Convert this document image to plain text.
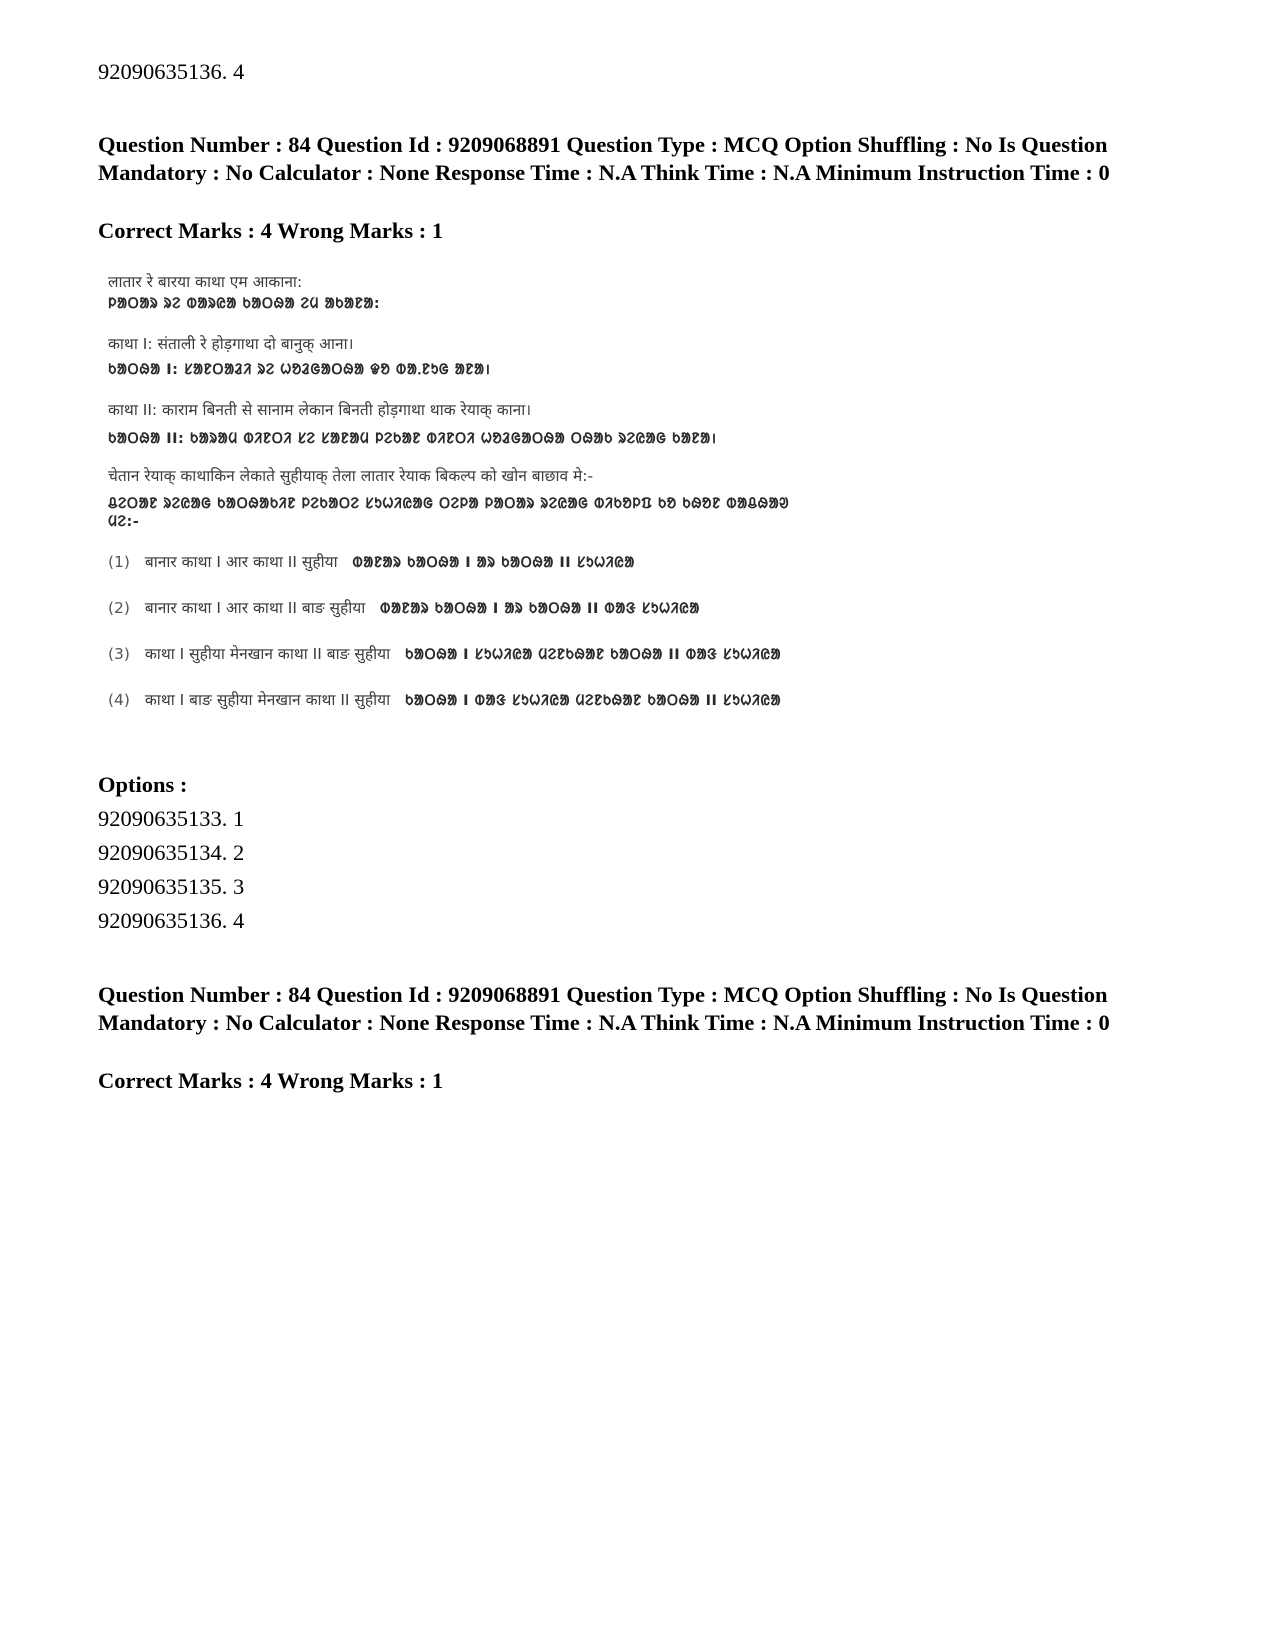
92090635136. 4
Question Number : 84 Question Id : 9209068891 Question Type : MCQ Option Shuffling : No Is Question Mandatory : No Calculator : None Response Time : N.A Think Time : N.A Minimum Instruction Time : 0
Correct Marks : 4 Wrong Marks : 1
लातार रे बारया काथा एम आकाना:
ᱞᱟᱛᱟᱨ ᱨᱮ ᱵᱟᱨᱭᱟ ᱠᱟᱛᱷᱟ ᱮᱢ ᱟᱠᱟᱱᱟ:
काथा I: संताली रे होड़गाथा दो बानुक् आना।
ᱠᱟᱛᱷᱟ I: ᱥᱟᱱᱛᱟᱲᱤ ᱨᱮ ᱦᱚᱲᱜᱟᱛᱷᱟ ᱫᱚ ᱵᱟᱹᱱᱩᱜ ᱟᱱᱟ।
काथा II: काराम बिनती से सानाम लेकान बिनती होड़गाथा थाक रेयाक् काना।
ᱠᱟᱛᱷᱟ II: ᱠᱟᱨᱟᱢ ᱵᱤᱱᱛᱤ ᱥᱮ ᱥᱟᱱᱟᱢ ᱞᱮᱠᱟᱱ ᱵᱤᱱᱛᱤ ᱦᱚᱲᱜᱟᱛᱷᱟ ᱛᱷᱟᱠ ᱨᱮᱭᱟᱜ ᱠᱟᱱᱟ।
चेतान रेयाक् काथाकिन लेकाते सुहीयाक् तेला लातार रेयाक बिकल्प को खोन बाछाव मे:-
ᱪᱮᱛᱟᱱ ᱨᱮᱭᱟᱜ ᱠᱟᱛᱷᱟᱠᱤᱱ ᱞᱮᱠᱟᱛᱮ ᱥᱩᱦᱤᱭᱟᱜ ᱛᱮᱞᱟ ᱞᱟᱛᱟᱨ ᱨᱮᱭᱟᱜ ᱵᱤᱠᱚᱞᱯ ᱠᱚ ᱠᱷᱚᱱ ᱵᱟᱪᱷᱟᱣ
ᱢᱮ:-
(1) बानार काथा I आर काथा II सुहीया ᱵᱟᱱᱟᱨ ᱠᱟᱛᱷᱟ I ᱟᱨ ᱠᱟᱛᱷᱟ II ᱥᱩᱦᱤᱭᱟ
(2) बानार काथा I आर काथा II बाङ सुहीया ᱵᱟᱱᱟᱨ ᱠᱟᱛᱷᱟ I ᱟᱨ ᱠᱟᱛᱷᱟ II ᱵᱟᱝ ᱥᱩᱦᱤᱭᱟ
(3) काथा I सुहीया मेनखान काथा II बाङ सुहीया ᱠᱟᱛᱷᱟ I ᱥᱩᱦᱤᱭᱟ ᱢᱮᱱᱠᱷᱟᱱ ᱠᱟᱛᱷᱟ II ᱵᱟᱝ ᱥᱩᱦᱤᱭᱟ
(4) काथा I बाङ सुहीया मेनखान काथा II सुहीया ᱠᱟᱛᱷᱟ I ᱵᱟᱝ ᱥᱩᱦᱤᱭᱟ ᱢᱮᱱᱠᱷᱟᱱ ᱠᱟᱛᱷᱟ II ᱥᱩᱦᱤᱭᱟ
Options :
92090635133. 1
92090635134. 2
92090635135. 3
92090635136. 4
Question Number : 84 Question Id : 9209068891 Question Type : MCQ Option Shuffling : No Is Question Mandatory : No Calculator : None Response Time : N.A Think Time : N.A Minimum Instruction Time : 0
Correct Marks : 4 Wrong Marks : 1
